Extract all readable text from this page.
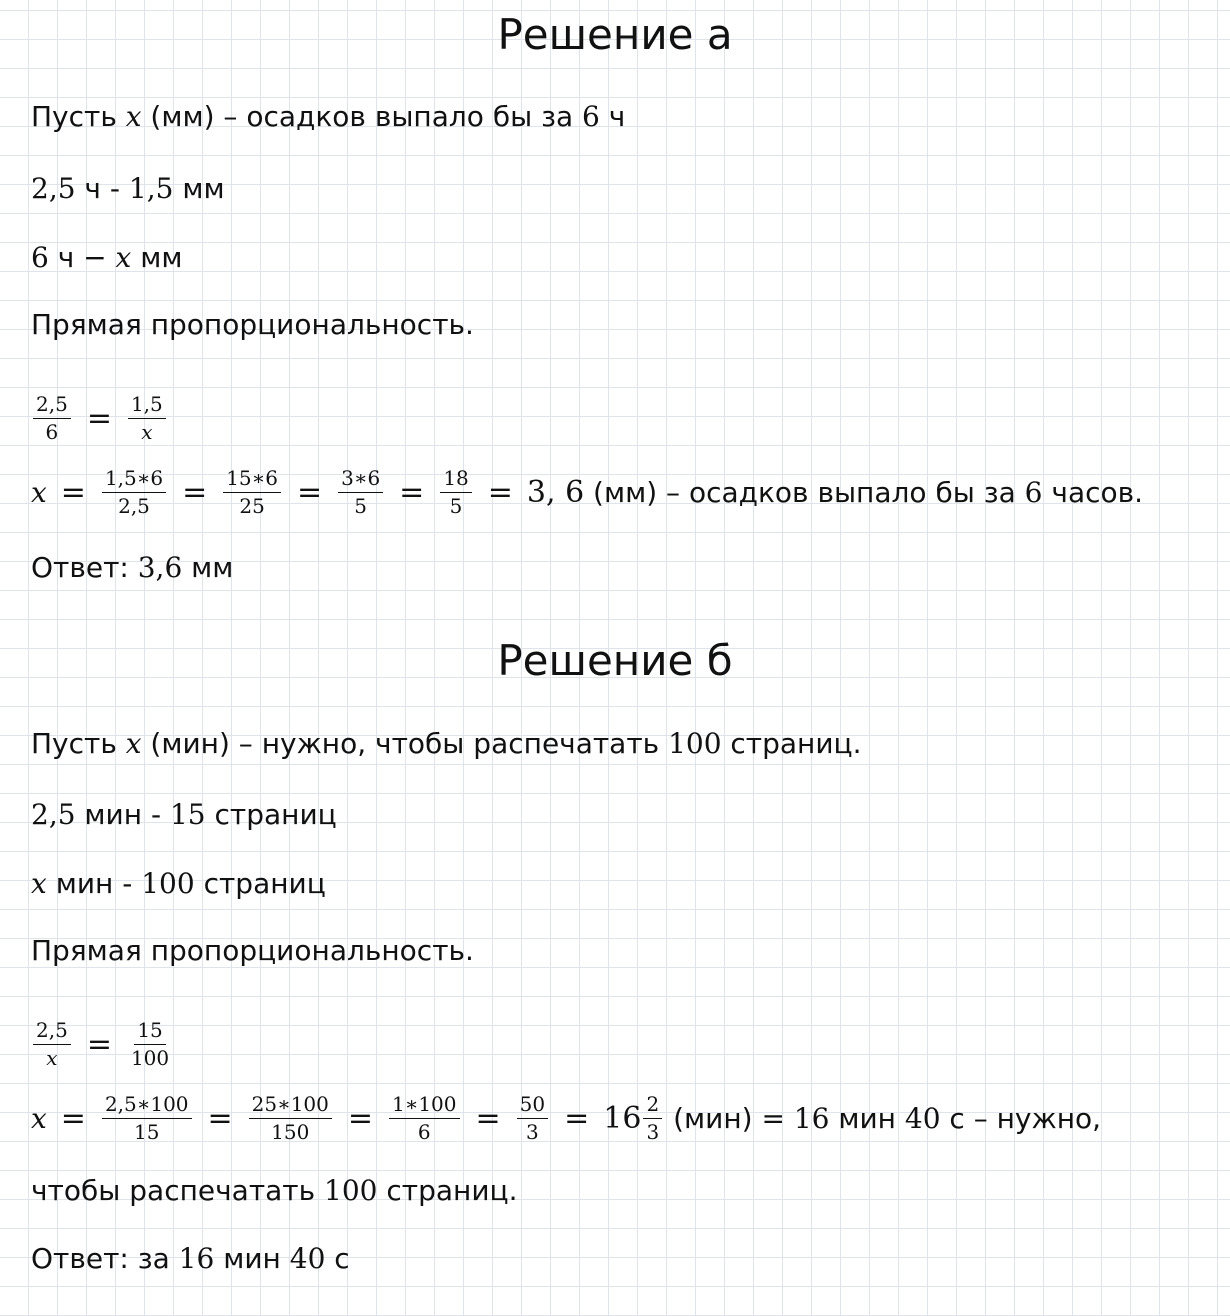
Решение а
Пусть x (мм) – осадков выпало бы за 6 ч
2,5 ч - 1,5 мм
6 ч − x мм
Прямая пропорциональность.
$\frac{2,5}{6} = \frac{1,5}{x}$
$x = \frac{1,5∗6}{2,5} = \frac{15∗6}{25} = \frac{3∗6}{5} = \frac{18}{5} = 3$, 6 (мм) – осадков выпало бы за 6 часов.
Ответ: 3,6 мм
Решение б
Пусть x (мин) – нужно, чтобы распечатать 100 страниц.
2,5 мин - 15 страниц
x мин - 100 страниц
Прямая пропорциональность.
$\frac{2,5}{x} = \frac{15}{100}$
$x = \frac{2,5∗100}{15} = \frac{25∗100}{150} = \frac{1∗100}{6} = \frac{50}{3} = 16 \frac{2}{3} (мин) = 16$ мин 40 с – нужно,
чтобы распечатать 100 страниц.
Ответ: за 16 мин 40 с
